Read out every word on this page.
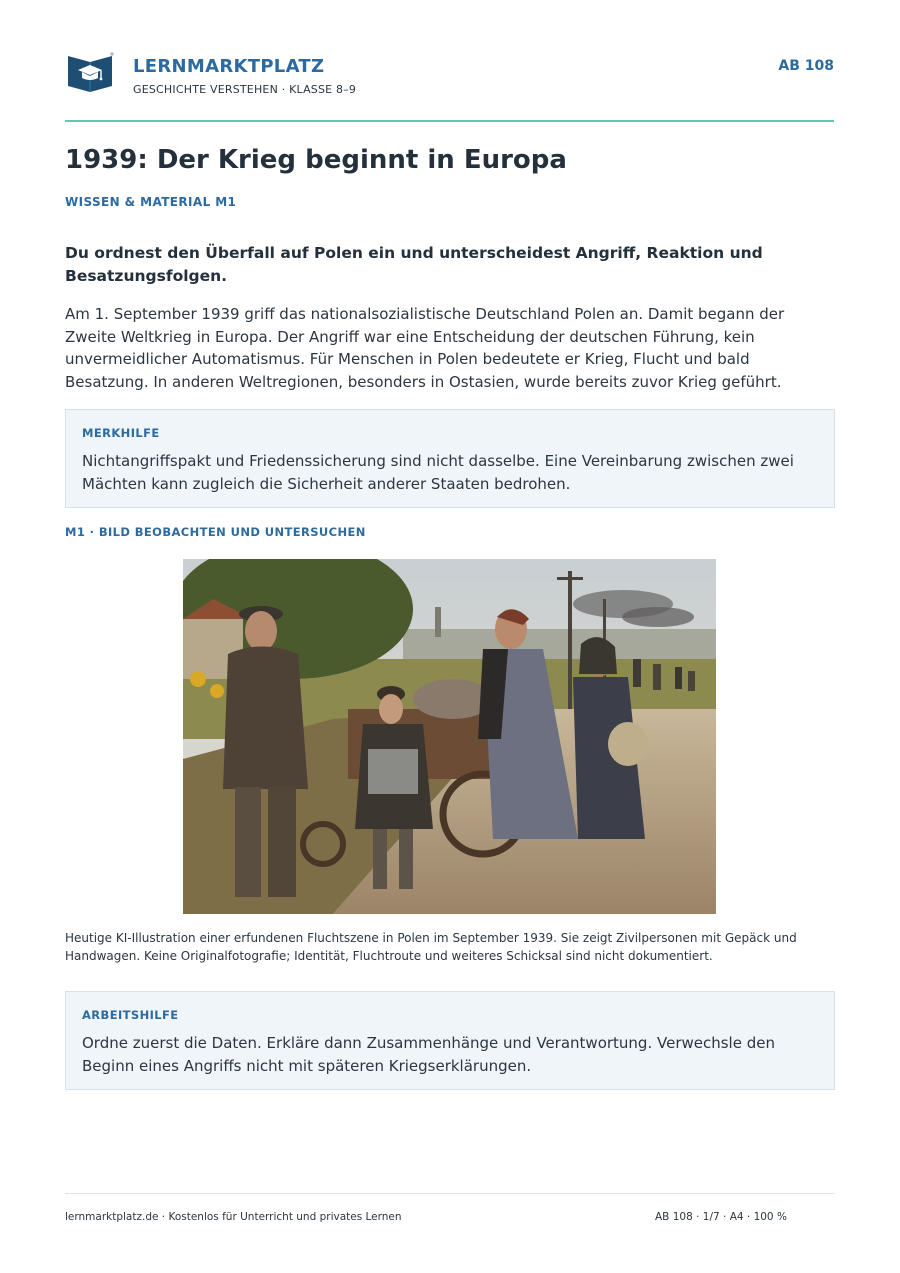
LERNMARKTPLATZ
GESCHICHTE VERSTEHEN · KLASSE 8–9
AB 108
1939: Der Krieg beginnt in Europa
WISSEN & MATERIAL M1

Du ordnest den Überfall auf Polen ein und unterscheidest Angriff, Reaktion und Besatzungsfolgen.

Am 1. September 1939 griff das nationalsozialistische Deutschland Polen an. Damit begann der Zweite Weltkrieg in Europa. Der Angriff war eine Entscheidung der deutschen Führung, kein unvermeidlicher Automatismus. Für Menschen in Polen bedeutete er Krieg, Flucht und bald Besatzung. In anderen Weltregionen, besonders in Ostasien, wurde bereits zuvor Krieg geführt.

MERKHILFE
Nichtangriffspakt und Friedenssicherung sind nicht dasselbe. Eine Vereinbarung zwischen zwei Mächten kann zugleich die Sicherheit anderer Staaten bedrohen.
M1 · BILD BEOBACHTEN UND UNTERSUCHEN

Heutige KI-Illustration einer erfundenen Fluchtszene in Polen im September 1939. Sie zeigt Zivilpersonen mit Gepäck und Handwagen. Keine Originalfotografie; Identität, Fluchtroute und weiteres Schicksal sind nicht dokumentiert.

ARBEITSHILFE
Ordne zuerst die Daten. Erkläre dann Zusammenhänge und Verantwortung. Verwechsle den Beginn eines Angriffs nicht mit späteren Kriegserklärungen.
lernmarktplatz.de · Kostenlos für Unterricht und privates Lernen	AB 108 · 1/7 · A4 · 100 %
